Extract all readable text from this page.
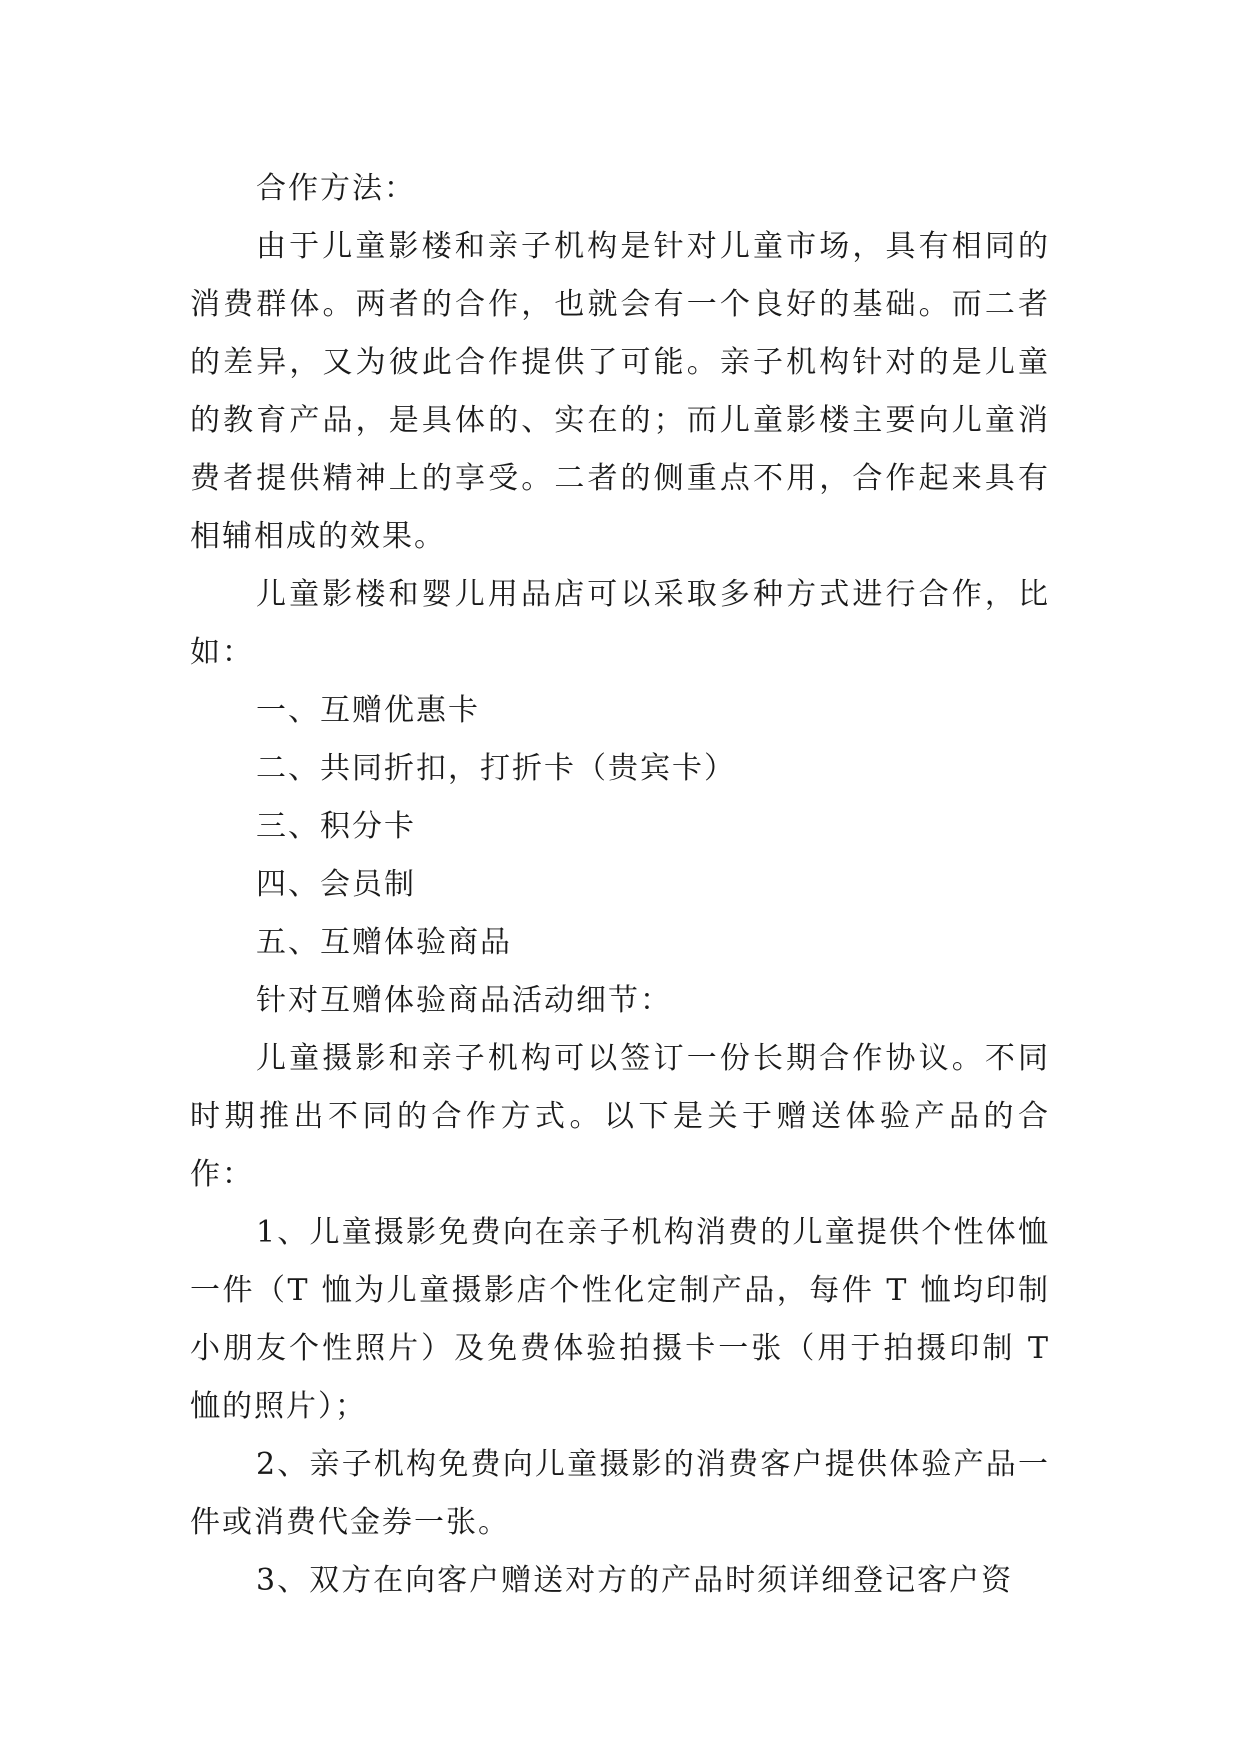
合作方法：

由于儿童影楼和亲子机构是针对儿童市场，具有相同的消费群体。两者的合作，也就会有一个良好的基础。而二者的差异，又为彼此合作提供了可能。亲子机构针对的是儿童的教育产品，是具体的、实在的；而儿童影楼主要向儿童消费者提供精神上的享受。二者的侧重点不用，合作起来具有相辅相成的效果。

儿童影楼和婴儿用品店可以采取多种方式进行合作，比如：

一、互赠优惠卡

二、共同折扣，打折卡（贵宾卡）

三、积分卡

四、会员制

五、互赠体验商品

针对互赠体验商品活动细节：

儿童摄影和亲子机构可以签订一份长期合作协议。不同时期推出不同的合作方式。以下是关于赠送体验产品的合作：

1、儿童摄影免费向在亲子机构消费的儿童提供个性体恤一件（T 恤为儿童摄影店个性化定制产品，每件 T 恤均印制小朋友个性照片）及免费体验拍摄卡一张（用于拍摄印制 T 恤的照片）；

2、亲子机构免费向儿童摄影的消费客户提供体验产品一件或消费代金券一张。

3、双方在向客户赠送对方的产品时须详细登记客户资
